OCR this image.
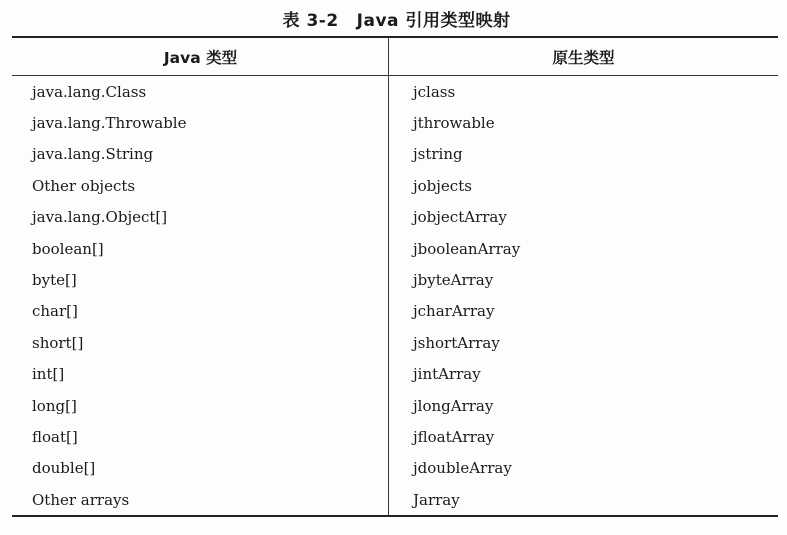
表 3-2 Java 引用类型映射
Java 类型	原生类型
java.lang.Class	jclass
java.lang.Throwable	jthrowable
java.lang.String	jstring
Other objects	jobjects
java.lang.Object[]	jobjectArray
boolean[]	jbooleanArray
byte[]	jbyteArray
char[]	jcharArray
short[]	jshortArray
int[]	jintArray
long[]	jlongArray
float[]	jfloatArray
double[]	jdoubleArray
Other arrays	Jarray
